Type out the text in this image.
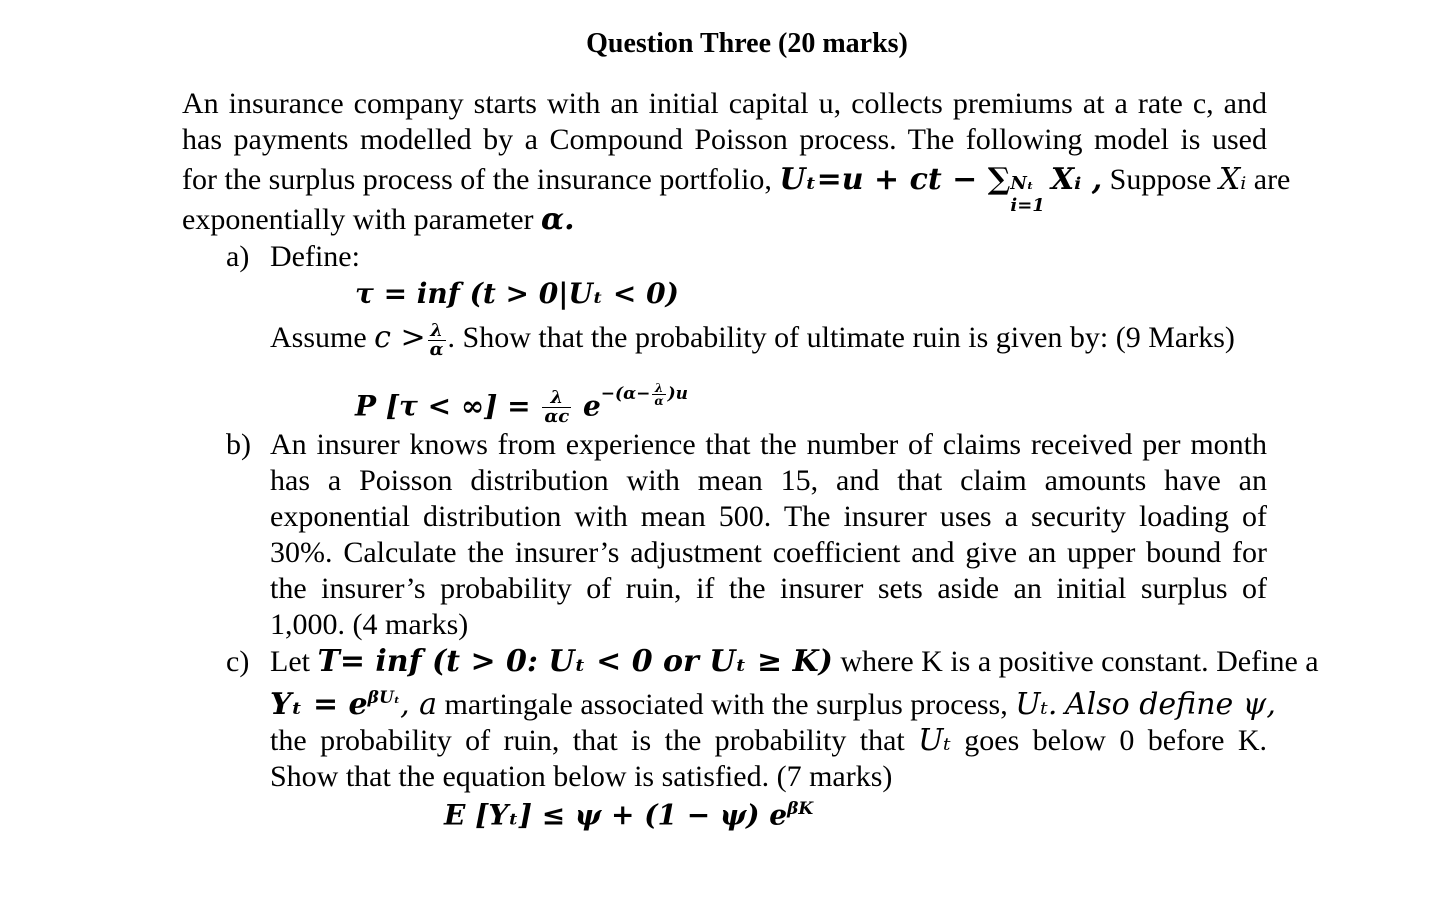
Question Three (20 marks)
An insurance company starts with an initial capital u, collects premiums at a rate c, and
has payments modelled by a Compound Poisson process. The following model is used
for the surplus process of the insurance portfolio, Uₜ=u + ct − ∑ Nₜ
i=1
Xᵢ , Suppose Xᵢ are
exponentially with parameter α.
a) Define:
τ = inf (t > 0|Uₜ < 0)
Assume $c > \frac{\lambda}{\alpha}$ . Show that the probability of ultimate ruin is given by: (9 Marks)
P [τ < ∞] = $\frac{\lambda}{\alpha c} e^{-(\alpha- \frac{\lambda}{\alpha} )u}$
b) An insurer knows from experience that the number of claims received per month
has a Poisson distribution with mean 15, and that claim amounts have an
exponential distribution with mean 500. The insurer uses a security loading of
30%. Calculate the insurer’s adjustment coefficient and give an upper bound for
the insurer’s probability of ruin, if the insurer sets aside an initial surplus of
1,000. (4 marks)
c) Let T= inf (t > 0: Uₜ < 0 or Uₜ ≥ K) where K is a positive constant. Define a
$Y_t = e^{\beta U_t}$, a martingale associated with the surplus process, Uₜ. Also define ψ,
the probability of ruin, that is the probability that Uₜ goes below 0 before K.
Show that the equation below is satisfied. (7 marks)
E [Yₜ] ≤ ψ + (1 − ψ) $e^{\beta K}$
